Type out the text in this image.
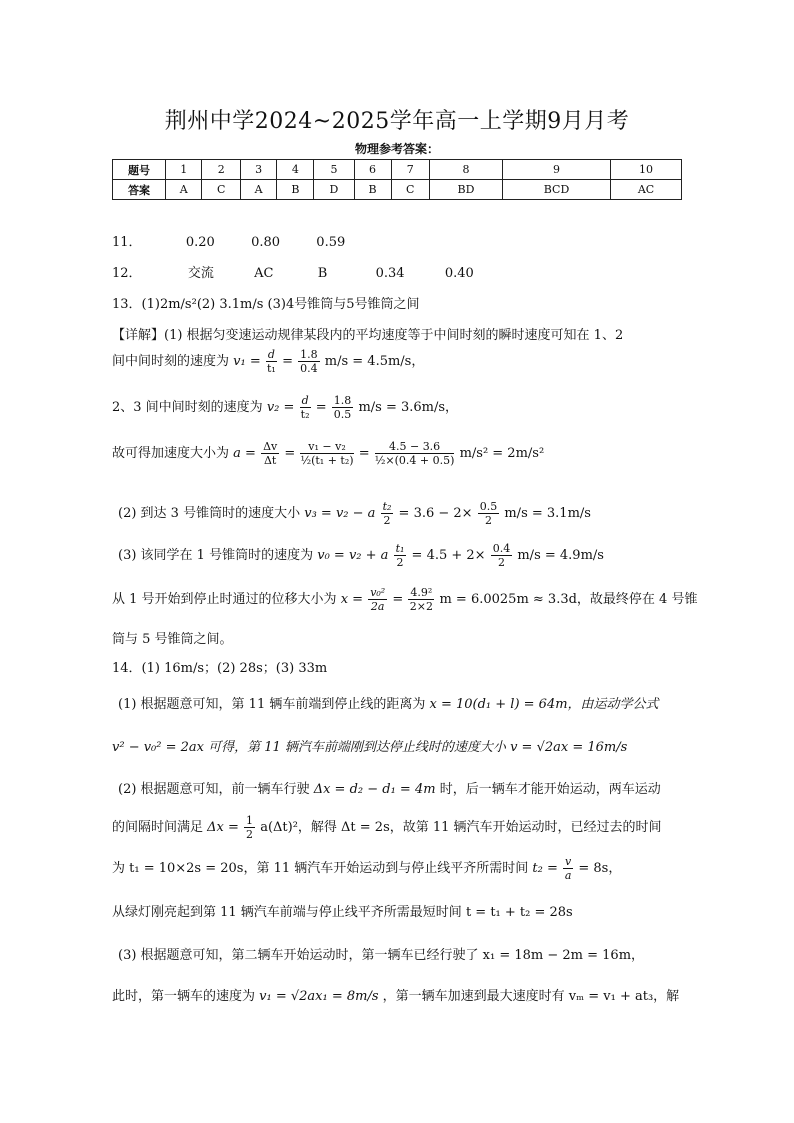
荆州中学2024~2025学年高一上学期9月月考
物理参考答案：
题号	1	2	3	4	5	6	7	8	9	10
答案	A	C	A	B	D	B	C	BD	BCD	AC
11．	0.20	0.80	0.59
12．	交流	AC	B	0.34	0.40
13．(1)2m/s²(2) 3.1m/s (3)4号锥筒与5号锥筒之间
【详解】(1) 根据匀变速运动规律某段内的平均速度等于中间时刻的瞬时速度可知在 1、2
间中间时刻的速度为 $v_1 = \frac{d}{\text{t₁}} = \frac{1.8}{0.4} m/s = 4.5m/s$，
2、3 间中间时刻的速度为 $v_2 = \frac{d}{\text{t₂}} = \frac{1.8}{0.5} m/s = 3.6m/s$，
故可得加速度大小为 $a = \frac{\Delta v}{\Delta t} = \frac{\text{v₁ − v₂}}{\text{½(t₁ + t₂)}} = \frac{4.5 - 3.6}{\text{½×(0.4 + 0.5)}} m/s^2 = 2m/s^2$
(2) 到达 3 号锥筒时的速度大小 v₃ = v₂ − a $\frac{\text{t₂}}{2} = 3.6 - 2\times \frac{0.5}{2} m/s = 3.1m/s$
(3) 该同学在 1 号锥筒时的速度为 v₀ = v₂ + a $\frac{\text{t₁}}{2} = 4.5 + 2\times \frac{0.4}{2} m/s = 4.9m/s$
从 1 号开始到停止时通过的位移大小为 $x = \frac{\text{v₀²}}{2a} = \frac{\text{4.9²}}{2\times 2}$ m = 6.0025m ≈ 3.3d，故最终停在 4 号锥
筒与 5 号锥筒之间。
14．(1) 16m/s；(2) 28s；(3) 33m
(1) 根据题意可知，第 11 辆车前端到停止线的距离为 x = 10(d₁ + l) = 64m，由运动学公式
v² − v₀² = 2ax 可得，第 11 辆汽车前端刚到达停止线时的速度大小 v = √2ax = 16m/s
(2) 根据题意可知，前一辆车行驶 Δx = d₂ − d₁ = 4m 时，后一辆车才能开始运动，两车运动
的间隔时间满足 $\Delta x = \frac{1}{2} a(\Delta t)^2$，解得 Δt = 2s，故第 11 辆汽车开始运动时，已经过去的时间
为 t₁ = 10×2s = 20s，第 11 辆汽车开始运动到与停止线平齐所需时间 $t_2 = \frac{v}{a} = 8s$，
从绿灯刚亮起到第 11 辆汽车前端与停止线平齐所需最短时间 t = t₁ + t₂ = 28s
(3) 根据题意可知，第二辆车开始运动时，第一辆车已经行驶了 x₁ = 18m − 2m = 16m，
此时，第一辆车的速度为 v₁ = √2ax₁ = 8m/s ，第一辆车加速到最大速度时有 vₘ = v₁ + at₃，解
